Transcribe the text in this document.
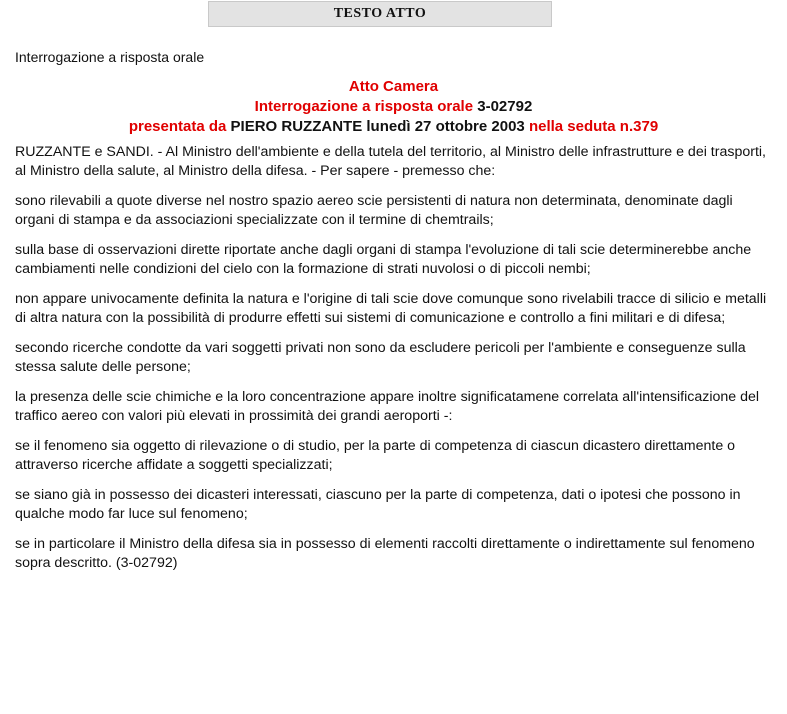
TESTO ATTO
Interrogazione a risposta orale
Atto Camera
Interrogazione a risposta orale 3-02792
presentata da PIERO RUZZANTE lunedì 27 ottobre 2003 nella seduta n.379

RUZZANTE e SANDI. - Al Ministro dell'ambiente e della tutela del territorio, al Ministro delle infrastrutture e dei trasporti, al Ministro della salute, al Ministro della difesa. - Per sapere - premesso che:

sono rilevabili a quote diverse nel nostro spazio aereo scie persistenti di natura non determinata, denominate dagli organi di stampa e da associazioni specializzate con il termine di chemtrails;

sulla base di osservazioni dirette riportate anche dagli organi di stampa l'evoluzione di tali scie determinerebbe anche cambiamenti nelle condizioni del cielo con la formazione di strati nuvolosi o di piccoli nembi;

non appare univocamente definita la natura e l'origine di tali scie dove comunque sono rivelabili tracce di silicio e metalli di altra natura con la possibilità di produrre effetti sui sistemi di comunicazione e controllo a fini militari e di difesa;

secondo ricerche condotte da vari soggetti privati non sono da escludere pericoli per l'ambiente e conseguenze sulla stessa salute delle persone;

la presenza delle scie chimiche e la loro concentrazione appare inoltre significatamene correlata all'intensificazione del traffico aereo con valori più elevati in prossimità dei grandi aeroporti -:

se il fenomeno sia oggetto di rilevazione o di studio, per la parte di competenza di ciascun dicastero direttamente o attraverso ricerche affidate a soggetti specializzati;

se siano già in possesso dei dicasteri interessati, ciascuno per la parte di competenza, dati o ipotesi che possono in qualche modo far luce sul fenomeno;

se in particolare il Ministro della difesa sia in possesso di elementi raccolti direttamente o indirettamente sul fenomeno sopra descritto. (3-02792)
